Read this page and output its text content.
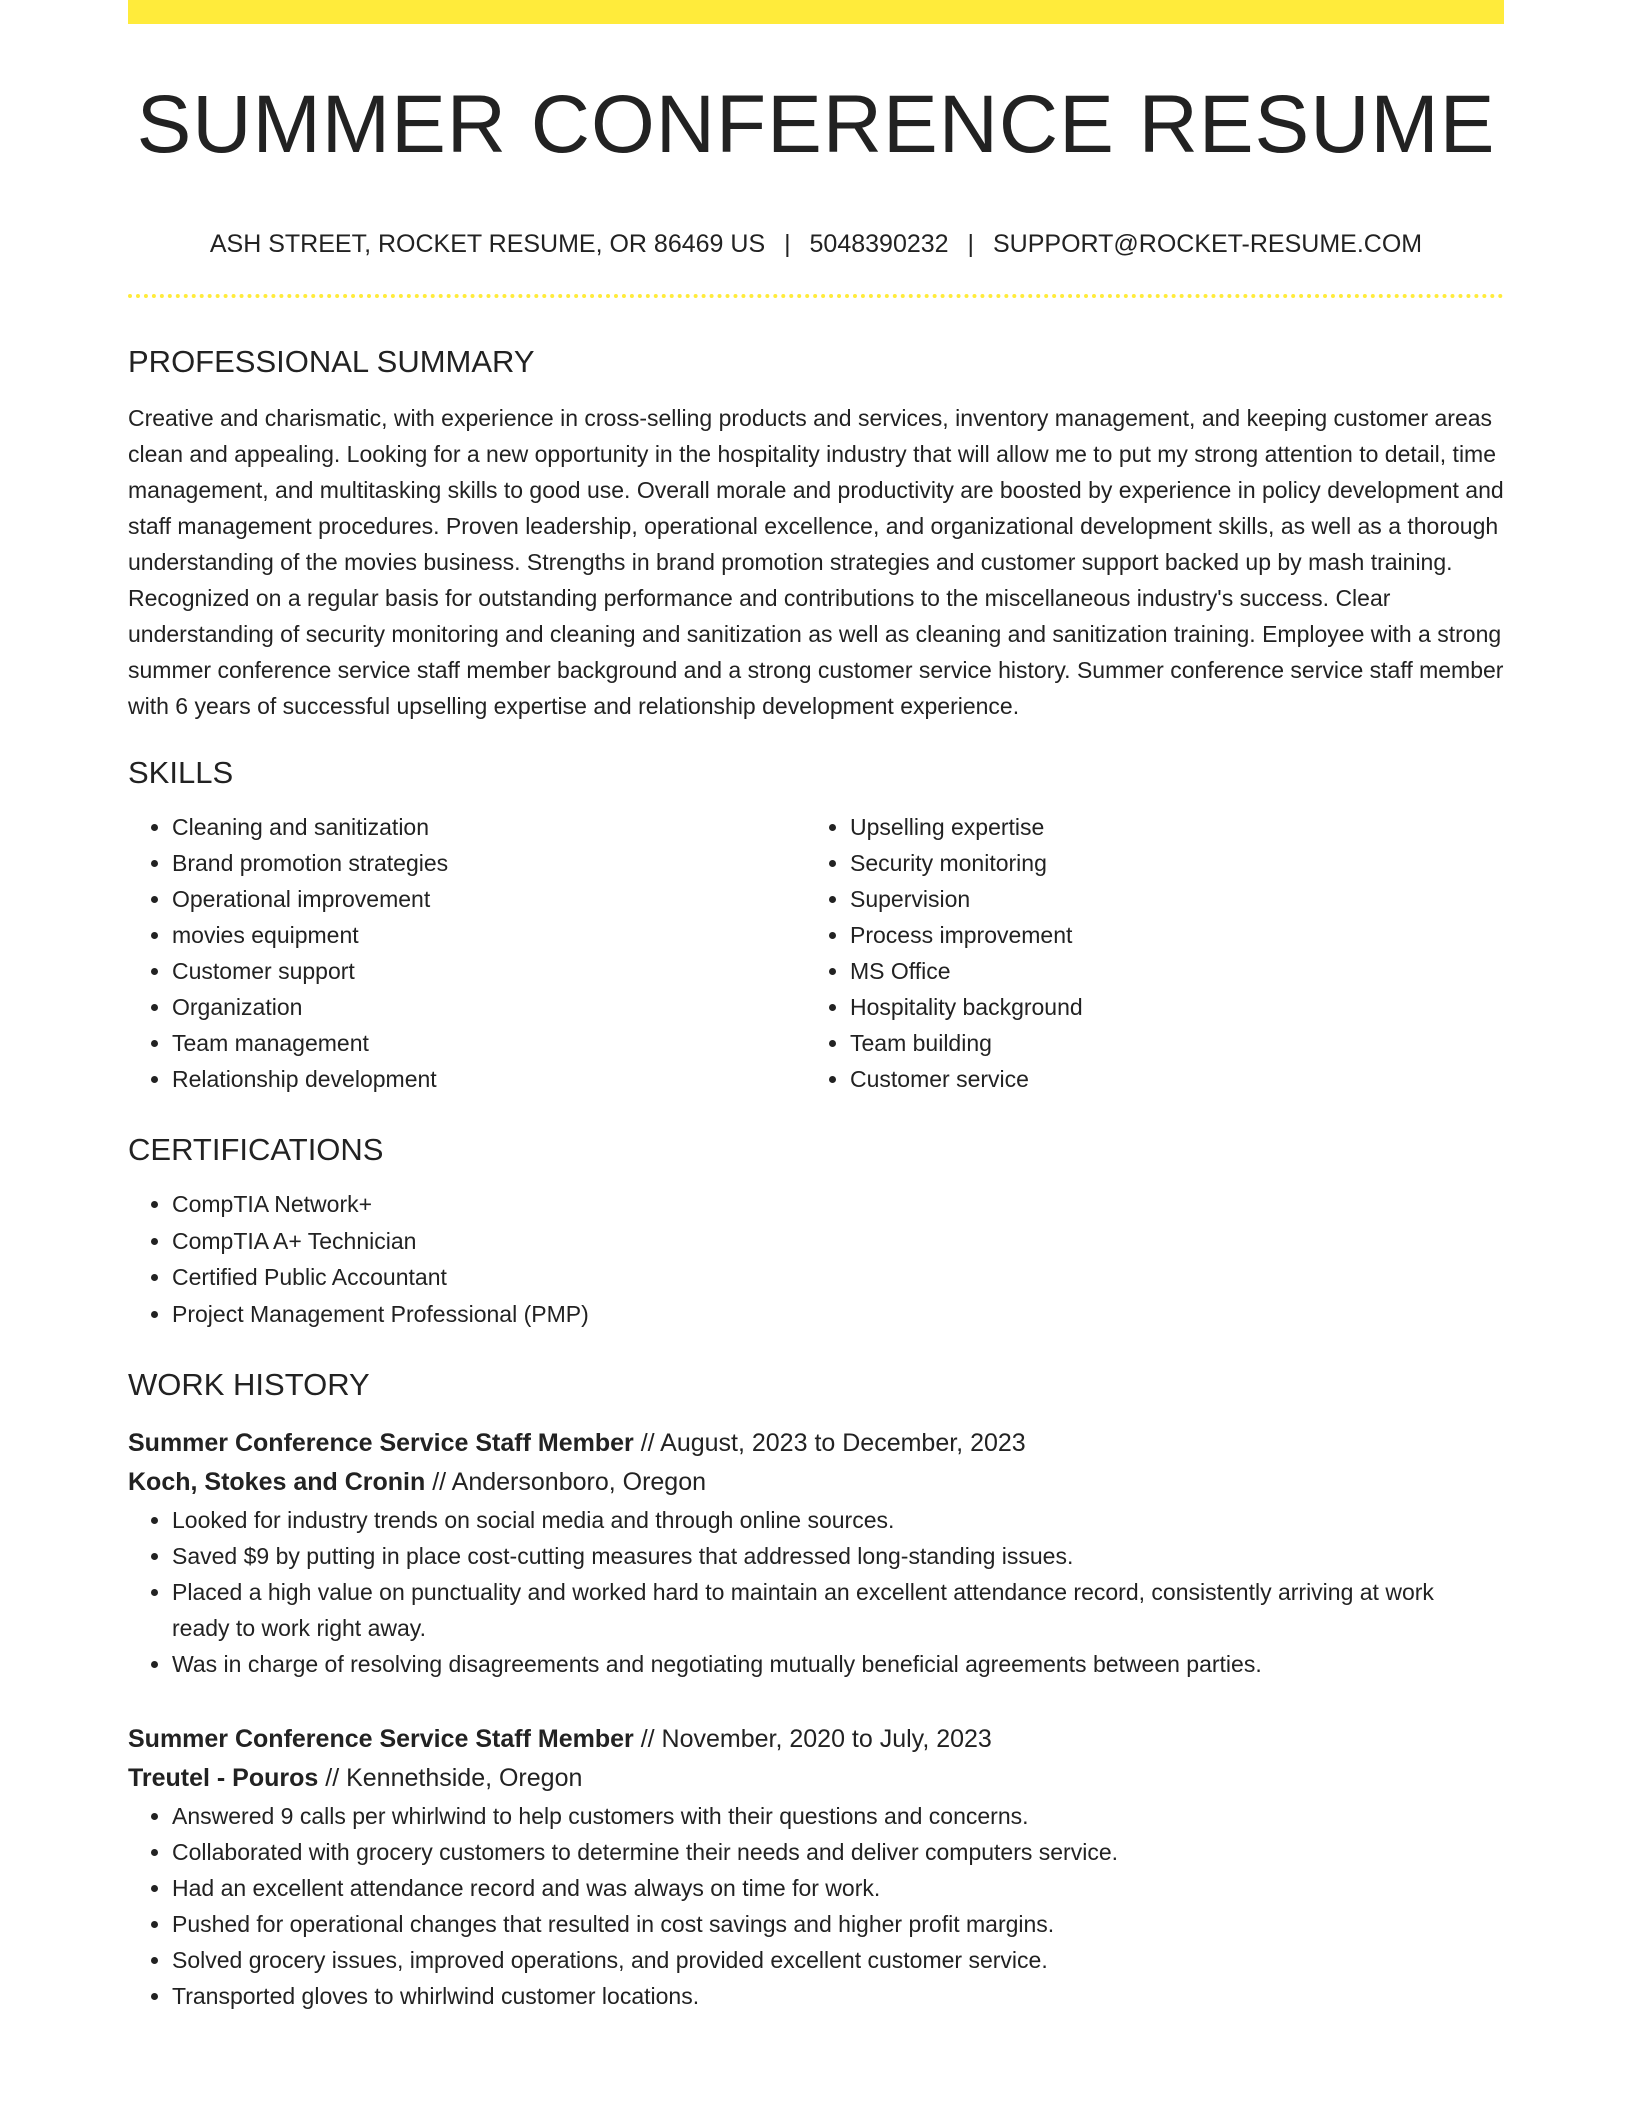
SUMMER CONFERENCE RESUME
ASH STREET, ROCKET RESUME, OR 86469 US | 5048390232 | SUPPORT@ROCKET-RESUME.COM
PROFESSIONAL SUMMARY
Creative and charismatic, with experience in cross-selling products and services, inventory management, and keeping customer areas clean and appealing. Looking for a new opportunity in the hospitality industry that will allow me to put my strong attention to detail, time management, and multitasking skills to good use. Overall morale and productivity are boosted by experience in policy development and staff management procedures. Proven leadership, operational excellence, and organizational development skills, as well as a thorough understanding of the movies business. Strengths in brand promotion strategies and customer support backed up by mash training. Recognized on a regular basis for outstanding performance and contributions to the miscellaneous industry's success. Clear understanding of security monitoring and cleaning and sanitization as well as cleaning and sanitization training. Employee with a strong summer conference service staff member background and a strong customer service history. Summer conference service staff member with 6 years of successful upselling expertise and relationship development experience.
SKILLS
• Cleaning and sanitization
• Brand promotion strategies
• Operational improvement
• movies equipment
• Customer support
• Organization
• Team management
• Relationship development
• Upselling expertise
• Security monitoring
• Supervision
• Process improvement
• MS Office
• Hospitality background
• Team building
• Customer service
CERTIFICATIONS
• CompTIA Network+
• CompTIA A+ Technician
• Certified Public Accountant
• Project Management Professional (PMP)
WORK HISTORY
Summer Conference Service Staff Member // August, 2023 to December, 2023
Koch, Stokes and Cronin // Andersonboro, Oregon
• Looked for industry trends on social media and through online sources.
• Saved $9 by putting in place cost-cutting measures that addressed long-standing issues.
• Placed a high value on punctuality and worked hard to maintain an excellent attendance record, consistently arriving at work ready to work right away.
• Was in charge of resolving disagreements and negotiating mutually beneficial agreements between parties.
Summer Conference Service Staff Member // November, 2020 to July, 2023
Treutel - Pouros // Kennethside, Oregon
• Answered 9 calls per whirlwind to help customers with their questions and concerns.
• Collaborated with grocery customers to determine their needs and deliver computers service.
• Had an excellent attendance record and was always on time for work.
• Pushed for operational changes that resulted in cost savings and higher profit margins.
• Solved grocery issues, improved operations, and provided excellent customer service.
• Transported gloves to whirlwind customer locations.
